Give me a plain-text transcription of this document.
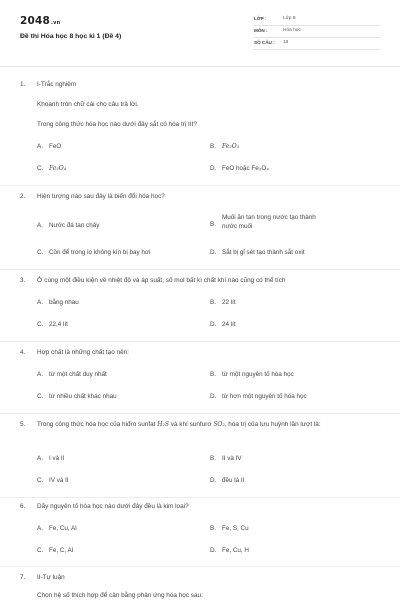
2048.vn
Đề thi Hóa học 8 học kì 1 (Đề 4)
LỚP :	Lớp 8
MÔN :	Hóa học
SỐ CÂU :	16
1. I-Trắc nghiệm
Khoanh tròn chữ cái cho câu trả lời.
Trong công thức hóa học nào dưới đây sắt có hóa trị III?
A. FeO	B. Fe₂O₃
C. Fe₃O₄	D. FeO hoặc Fe₃O₄
2. Hiện tượng nào sau đây là biến đổi hóa học?
A. Nước đá tan chảy	B.
Muối ăn tan trong nước tạo thành nước muối
C. Cồn để trong lọ không kín bị bay hơi	D. Sắt bị gỉ sét tạo thành sắt oxit
3. Ở cùng một điều kiện về nhiệt độ và áp suất, số mol bất kì chất khí nào cũng có thể tích
A. bằng nhau	B. 22 lít
C. 22,4 lít	D. 24 lít
4. Hợp chất là những chất tạo nên:
A. từ một chất duy nhất	B. từ một nguyên tố hóa học
C. từ nhiều chất khác nhau	D. từ hơn một nguyên tố hóa học
5. Trong công thức hóa học của hiđro sunfat H₂S và khí sunfurơ SO₂, hóa trị của lưu huỳnh lần lượt là:
A. I và II	B. II và IV
C. IV và II	D. đều là II
6. Dãy nguyên tố hóa học nào dưới đây đều là kim loại?
A. Fe, Cu, Al	B. Fe, S, Cu
C. Fe, C, Al	D. Fe, Cu, H
7. II-Tự luận
Chọn hệ số thích hợp để cân bằng phản ứng hóa học sau:
